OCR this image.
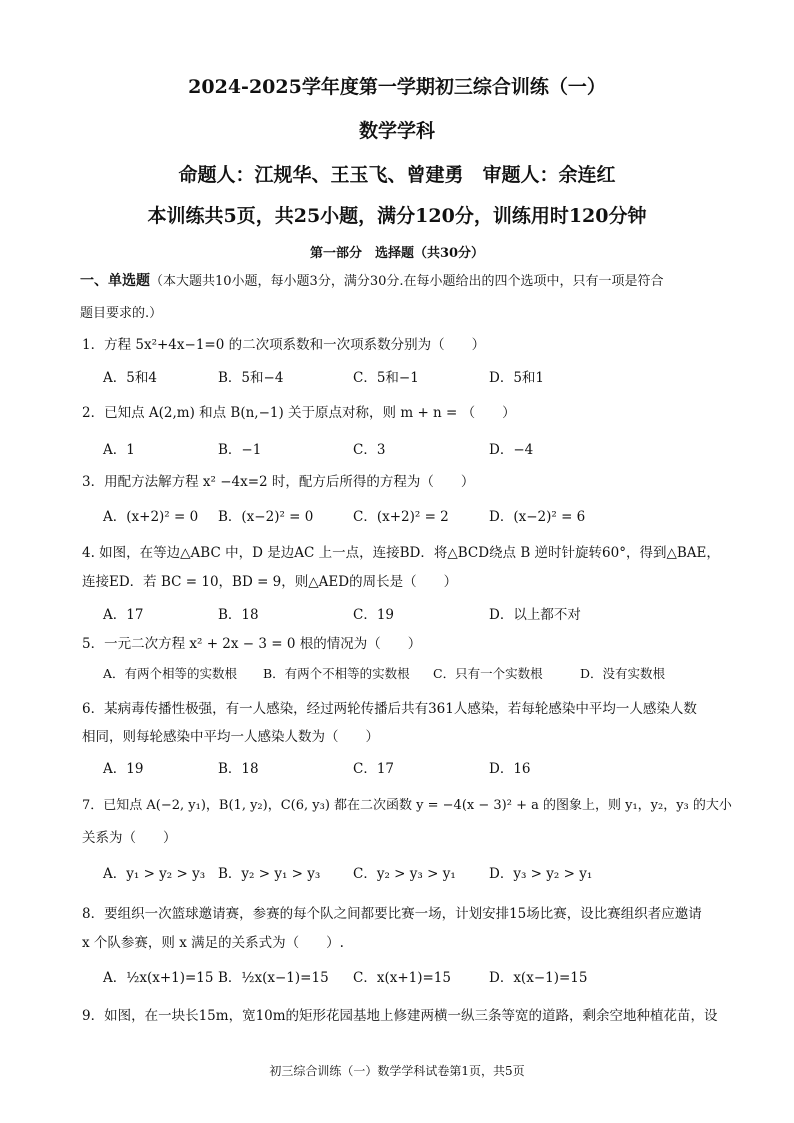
2024-2025学年度第一学期初三综合训练（一）
数学学科
命题人：江规华、王玉飞、曾建勇　审题人：余连红
本训练共5页，共25小题，满分120分，训练用时120分钟
第一部分　选择题（共30分）
一、单选题（本大题共10小题，每小题3分，满分30分.在每小题给出的四个选项中，只有一项是符合
题目要求的.）
1．方程 5x²+4x−1=0 的二次项系数和一次项系数分别为（　　）
A．5和4	B．5和−4	C．5和−1	D．5和1
2．已知点 A(2,m) 和点 B(n,−1) 关于原点对称，则 m + n = （　　）
A．1	B．−1	C．3	D．−4
3．用配方法解方程 x² −4x=2 时，配方后所得的方程为（　　）
A．(x+2)² = 0 B．(x−2)² = 0	C．(x+2)² = 2	D．(x−2)² = 6
4. 如图，在等边△ABC 中，D 是边AC 上一点，连接BD．将△BCD绕点 B 逆时针旋转60°，得到△BAE，
连接ED．若 BC = 10，BD = 9，则△AED的周长是（　　）
A．17	B．18	C．19	D．以上都不对
5．一元二次方程 x² + 2x − 3 = 0 根的情况为（　　）
A．有两个相等的实数根 B．有两个不相等的实数根 C．只有一个实数根	D．没有实数根
6．某病毒传播性极强，有一人感染，经过两轮传播后共有361人感染，若每轮感染中平均一人感染人数
相同，则每轮感染中平均一人感染人数为（　　）
A．19	B．18	C．17	D．16
7．已知点 A(−2, y₁)，B(1, y₂)，C(6, y₃) 都在二次函数 y = −4(x − 3)² + a 的图象上，则 y₁，y₂，y₃ 的大小
关系为（　　）
A．y₁ > y₂ > y₃ B．y₂ > y₁ > y₃ C．y₂ > y₃ > y₁ D．y₃ > y₂ > y₁
8．要组织一次篮球邀请赛，参赛的每个队之间都要比赛一场，计划安排15场比赛，设比赛组织者应邀请
x 个队参赛，则 x 满足的关系式为（　　）.
A．½x(x+1)=15 B．½x(x−1)=15 C．x(x+1)=15	D．x(x−1)=15
9．如图，在一块长15m，宽10m的矩形花园基地上修建两横一纵三条等宽的道路，剩余空地种植花苗，设
初三综合训练（一）数学学科试卷第1页，共5页
